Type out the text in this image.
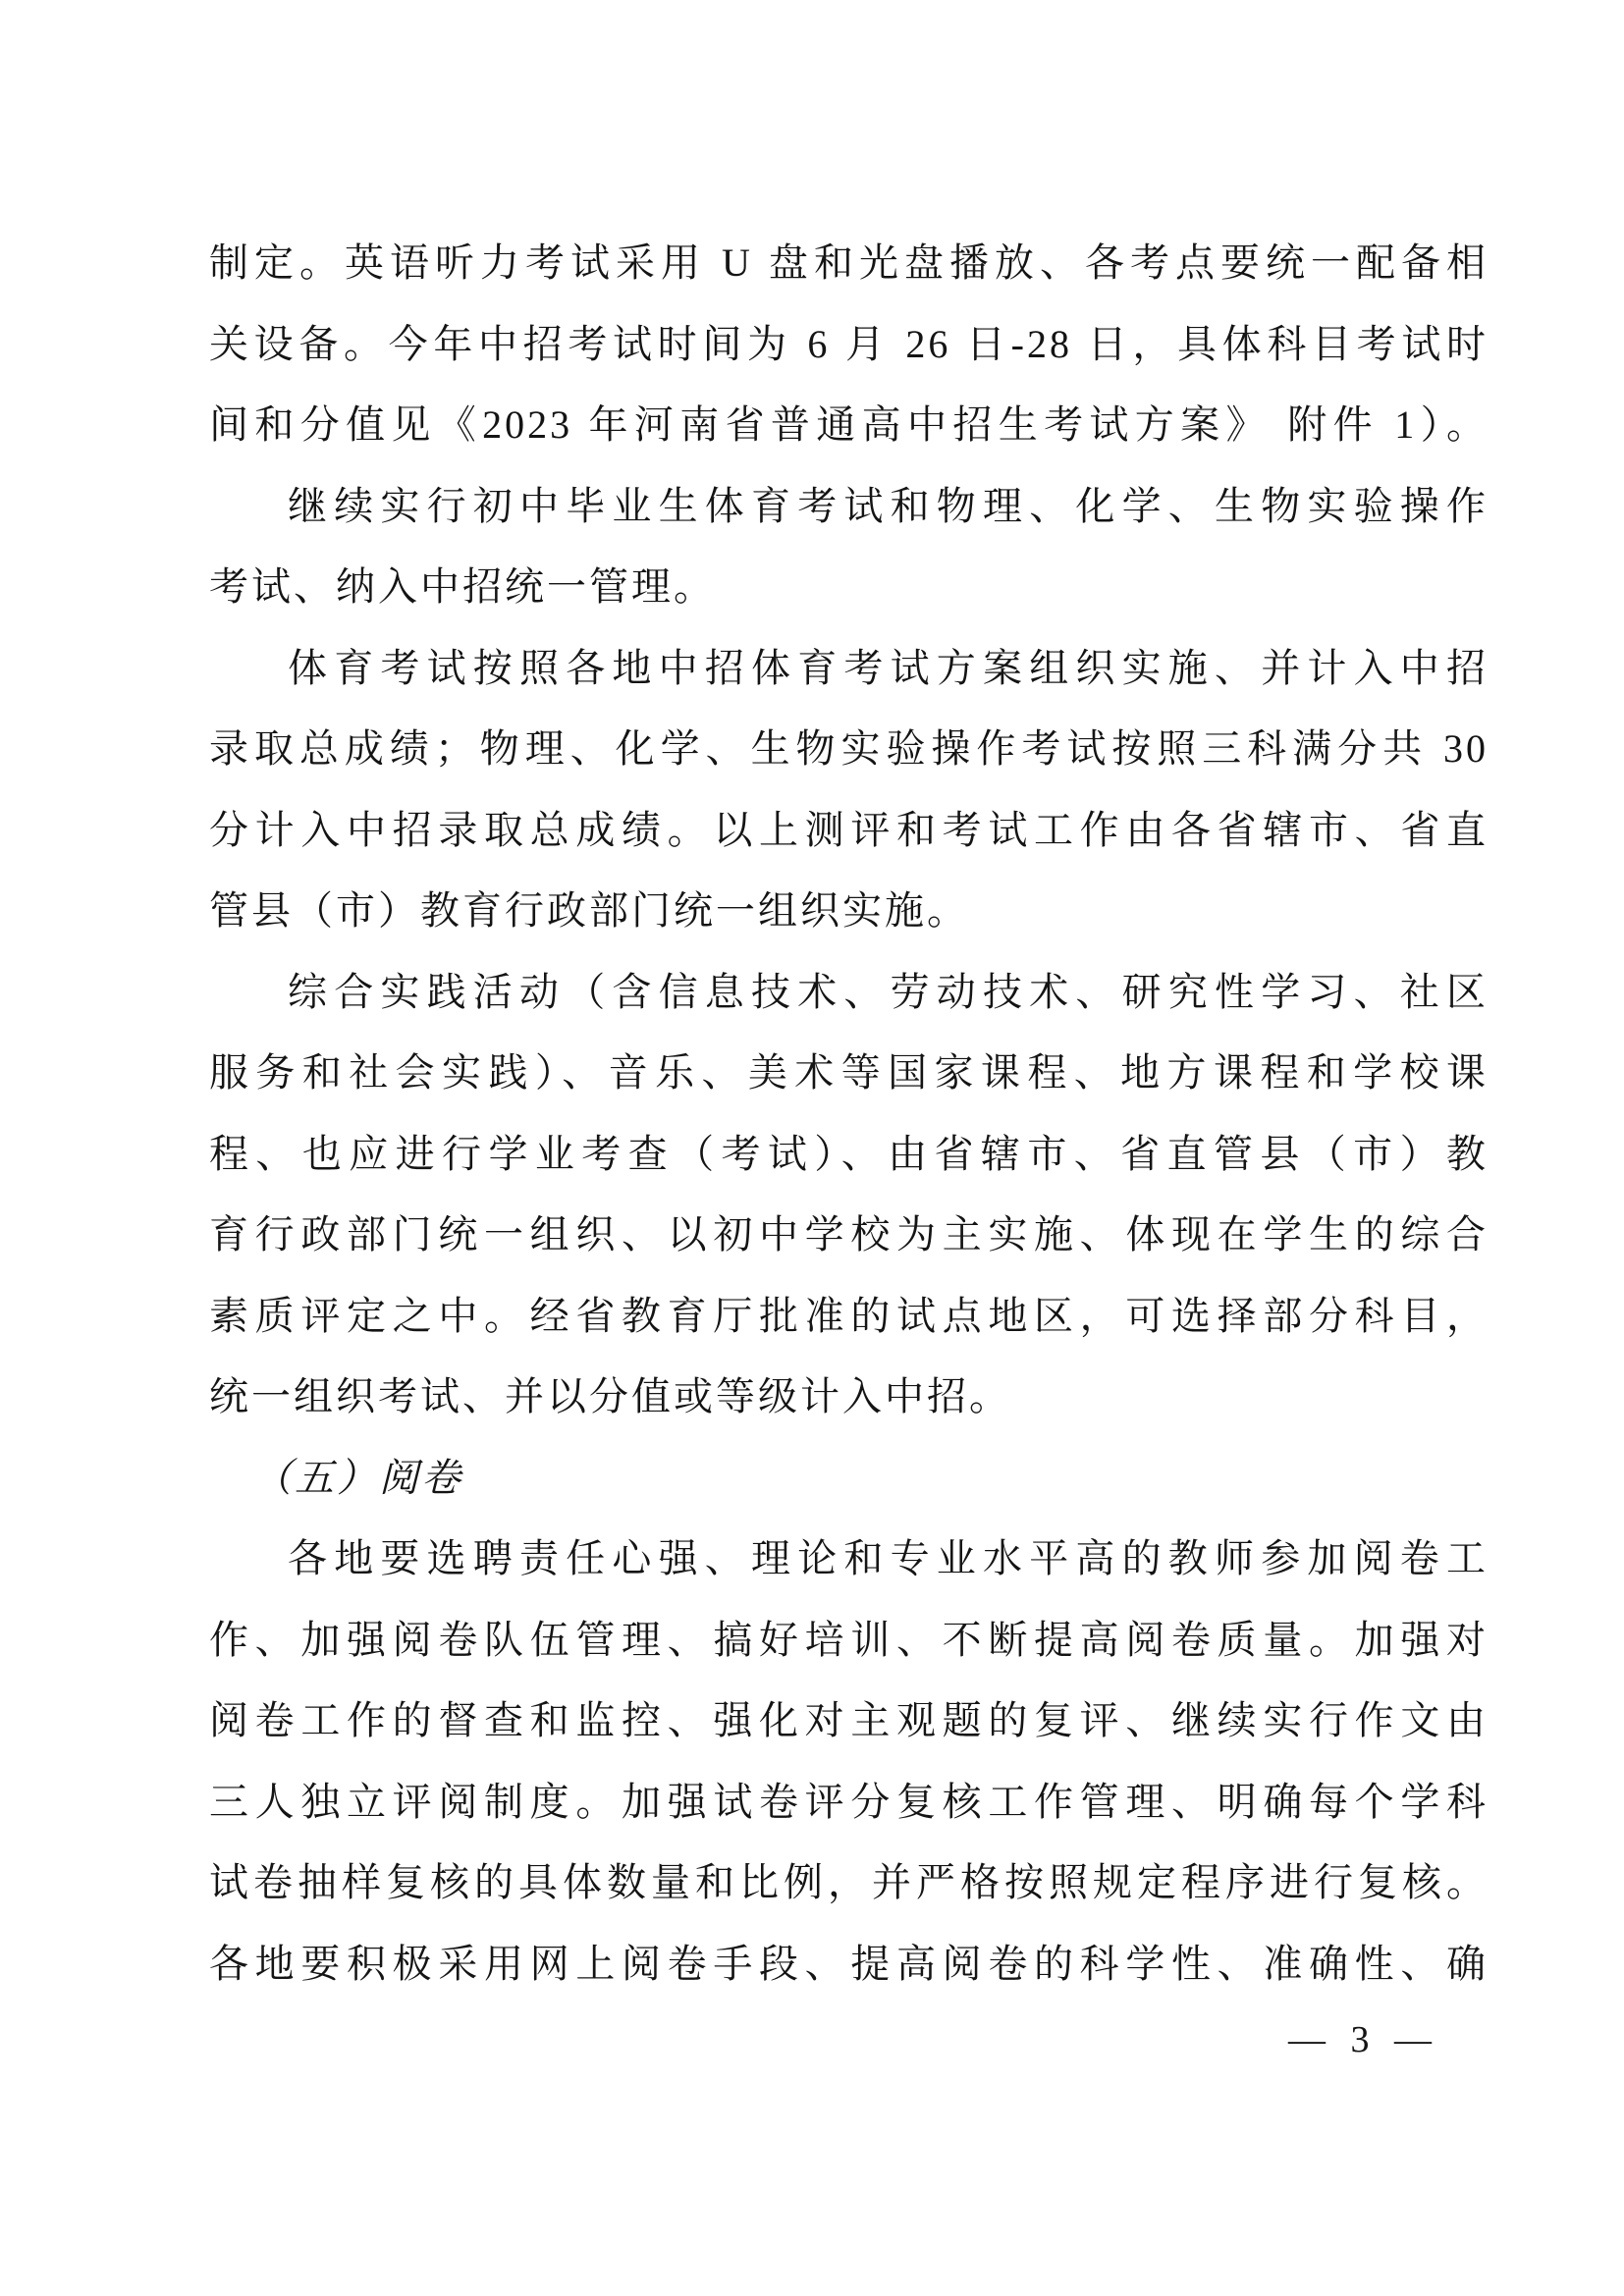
制定。英语听力考试采用 U 盘和光盘播放、各考点要统一配备相

关设备。今年中招考试时间为 6 月 26 日-28 日，具体科目考试时

间和分值见《2023 年河南省普通高中招生考试方案》 附件 1）。

继续实行初中毕业生体育考试和物理、化学、生物实验操作

考试、纳入中招统一管理。

体育考试按照各地中招体育考试方案组织实施、并计入中招

录取总成绩；物理、化学、生物实验操作考试按照三科满分共 30

分计入中招录取总成绩。以上测评和考试工作由各省辖市、省直

管县（市）教育行政部门统一组织实施。

综合实践活动（含信息技术、劳动技术、研究性学习、社区

服务和社会实践）、音乐、美术等国家课程、地方课程和学校课

程、也应进行学业考查（考试）、由省辖市、省直管县（市）教

育行政部门统一组织、以初中学校为主实施、体现在学生的综合

素质评定之中。经省教育厅批准的试点地区，可选择部分科目，

统一组织考试、并以分值或等级计入中招。

（五）阅卷

各地要选聘责任心强、理论和专业水平高的教师参加阅卷工

作、加强阅卷队伍管理、搞好培训、不断提高阅卷质量。加强对

阅卷工作的督查和监控、强化对主观题的复评、继续实行作文由

三人独立评阅制度。加强试卷评分复核工作管理、明确每个学科

试卷抽样复核的具体数量和比例，并严格按照规定程序进行复核。

各地要积极采用网上阅卷手段、提高阅卷的科学性、准确性、确

— 3 —
